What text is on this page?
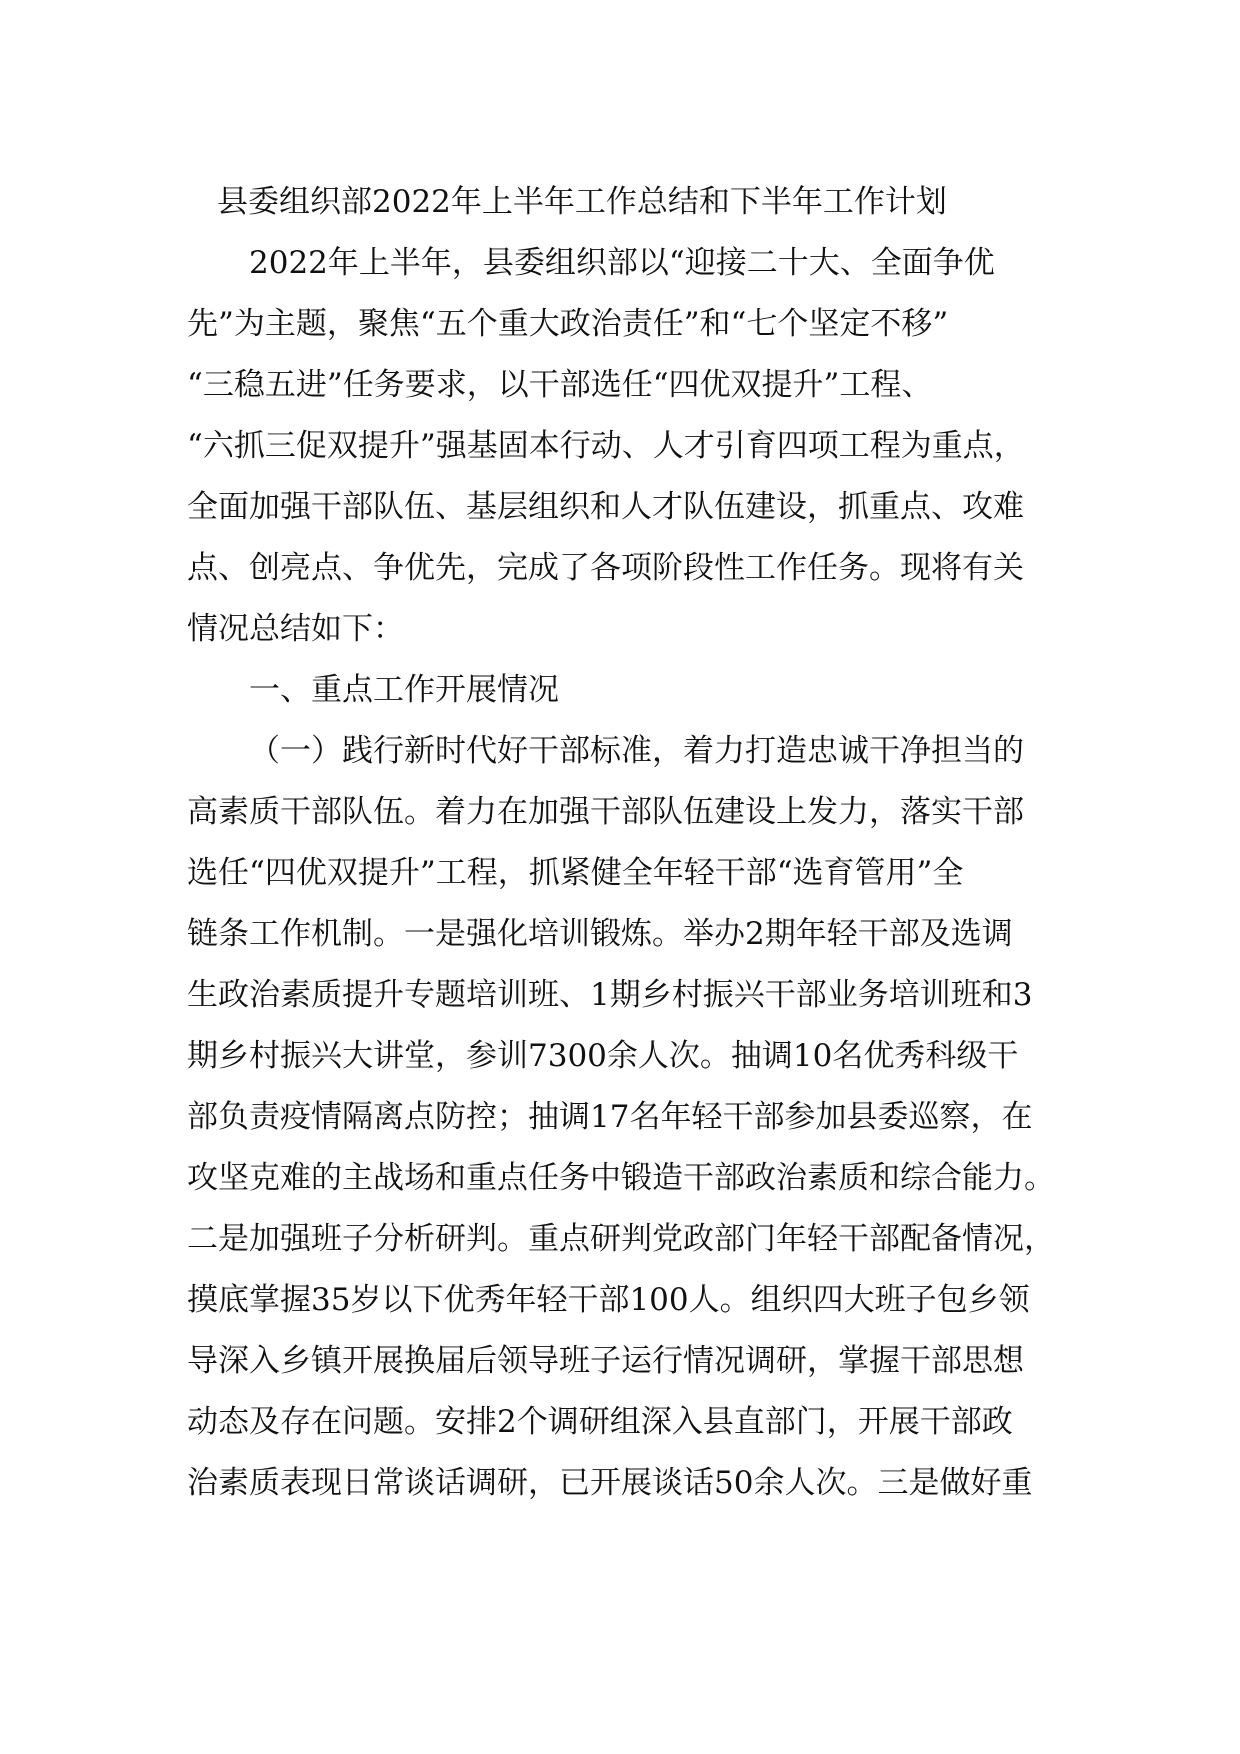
县委组织部2022年上半年工作总结和下半年工作计划
2022年上半年，县委组织部以“迎接二十大、全面争优
先”为主题，聚焦“五个重大政治责任”和“七个坚定不移”
“三稳五进”任务要求，以干部选任“四优双提升”工程、
“六抓三促双提升”强基固本行动、人才引育四项工程为重点，
全面加强干部队伍、基层组织和人才队伍建设，抓重点、攻难
点、创亮点、争优先，完成了各项阶段性工作任务。现将有关
情况总结如下：
一、重点工作开展情况
（一）践行新时代好干部标准，着力打造忠诚干净担当的
高素质干部队伍。着力在加强干部队伍建设上发力，落实干部
选任“四优双提升”工程，抓紧健全年轻干部“选育管用”全
链条工作机制。一是强化培训锻炼。举办2期年轻干部及选调
生政治素质提升专题培训班、1期乡村振兴干部业务培训班和3
期乡村振兴大讲堂，参训7300余人次。抽调10名优秀科级干
部负责疫情隔离点防控；抽调17名年轻干部参加县委巡察，在
攻坚克难的主战场和重点任务中锻造干部政治素质和综合能力。
二是加强班子分析研判。重点研判党政部门年轻干部配备情况，
摸底掌握35岁以下优秀年轻干部100人。组织四大班子包乡领
导深入乡镇开展换届后领导班子运行情况调研，掌握干部思想
动态及存在问题。安排2个调研组深入县直部门，开展干部政
治素质表现日常谈话调研，已开展谈话50余人次。三是做好重
